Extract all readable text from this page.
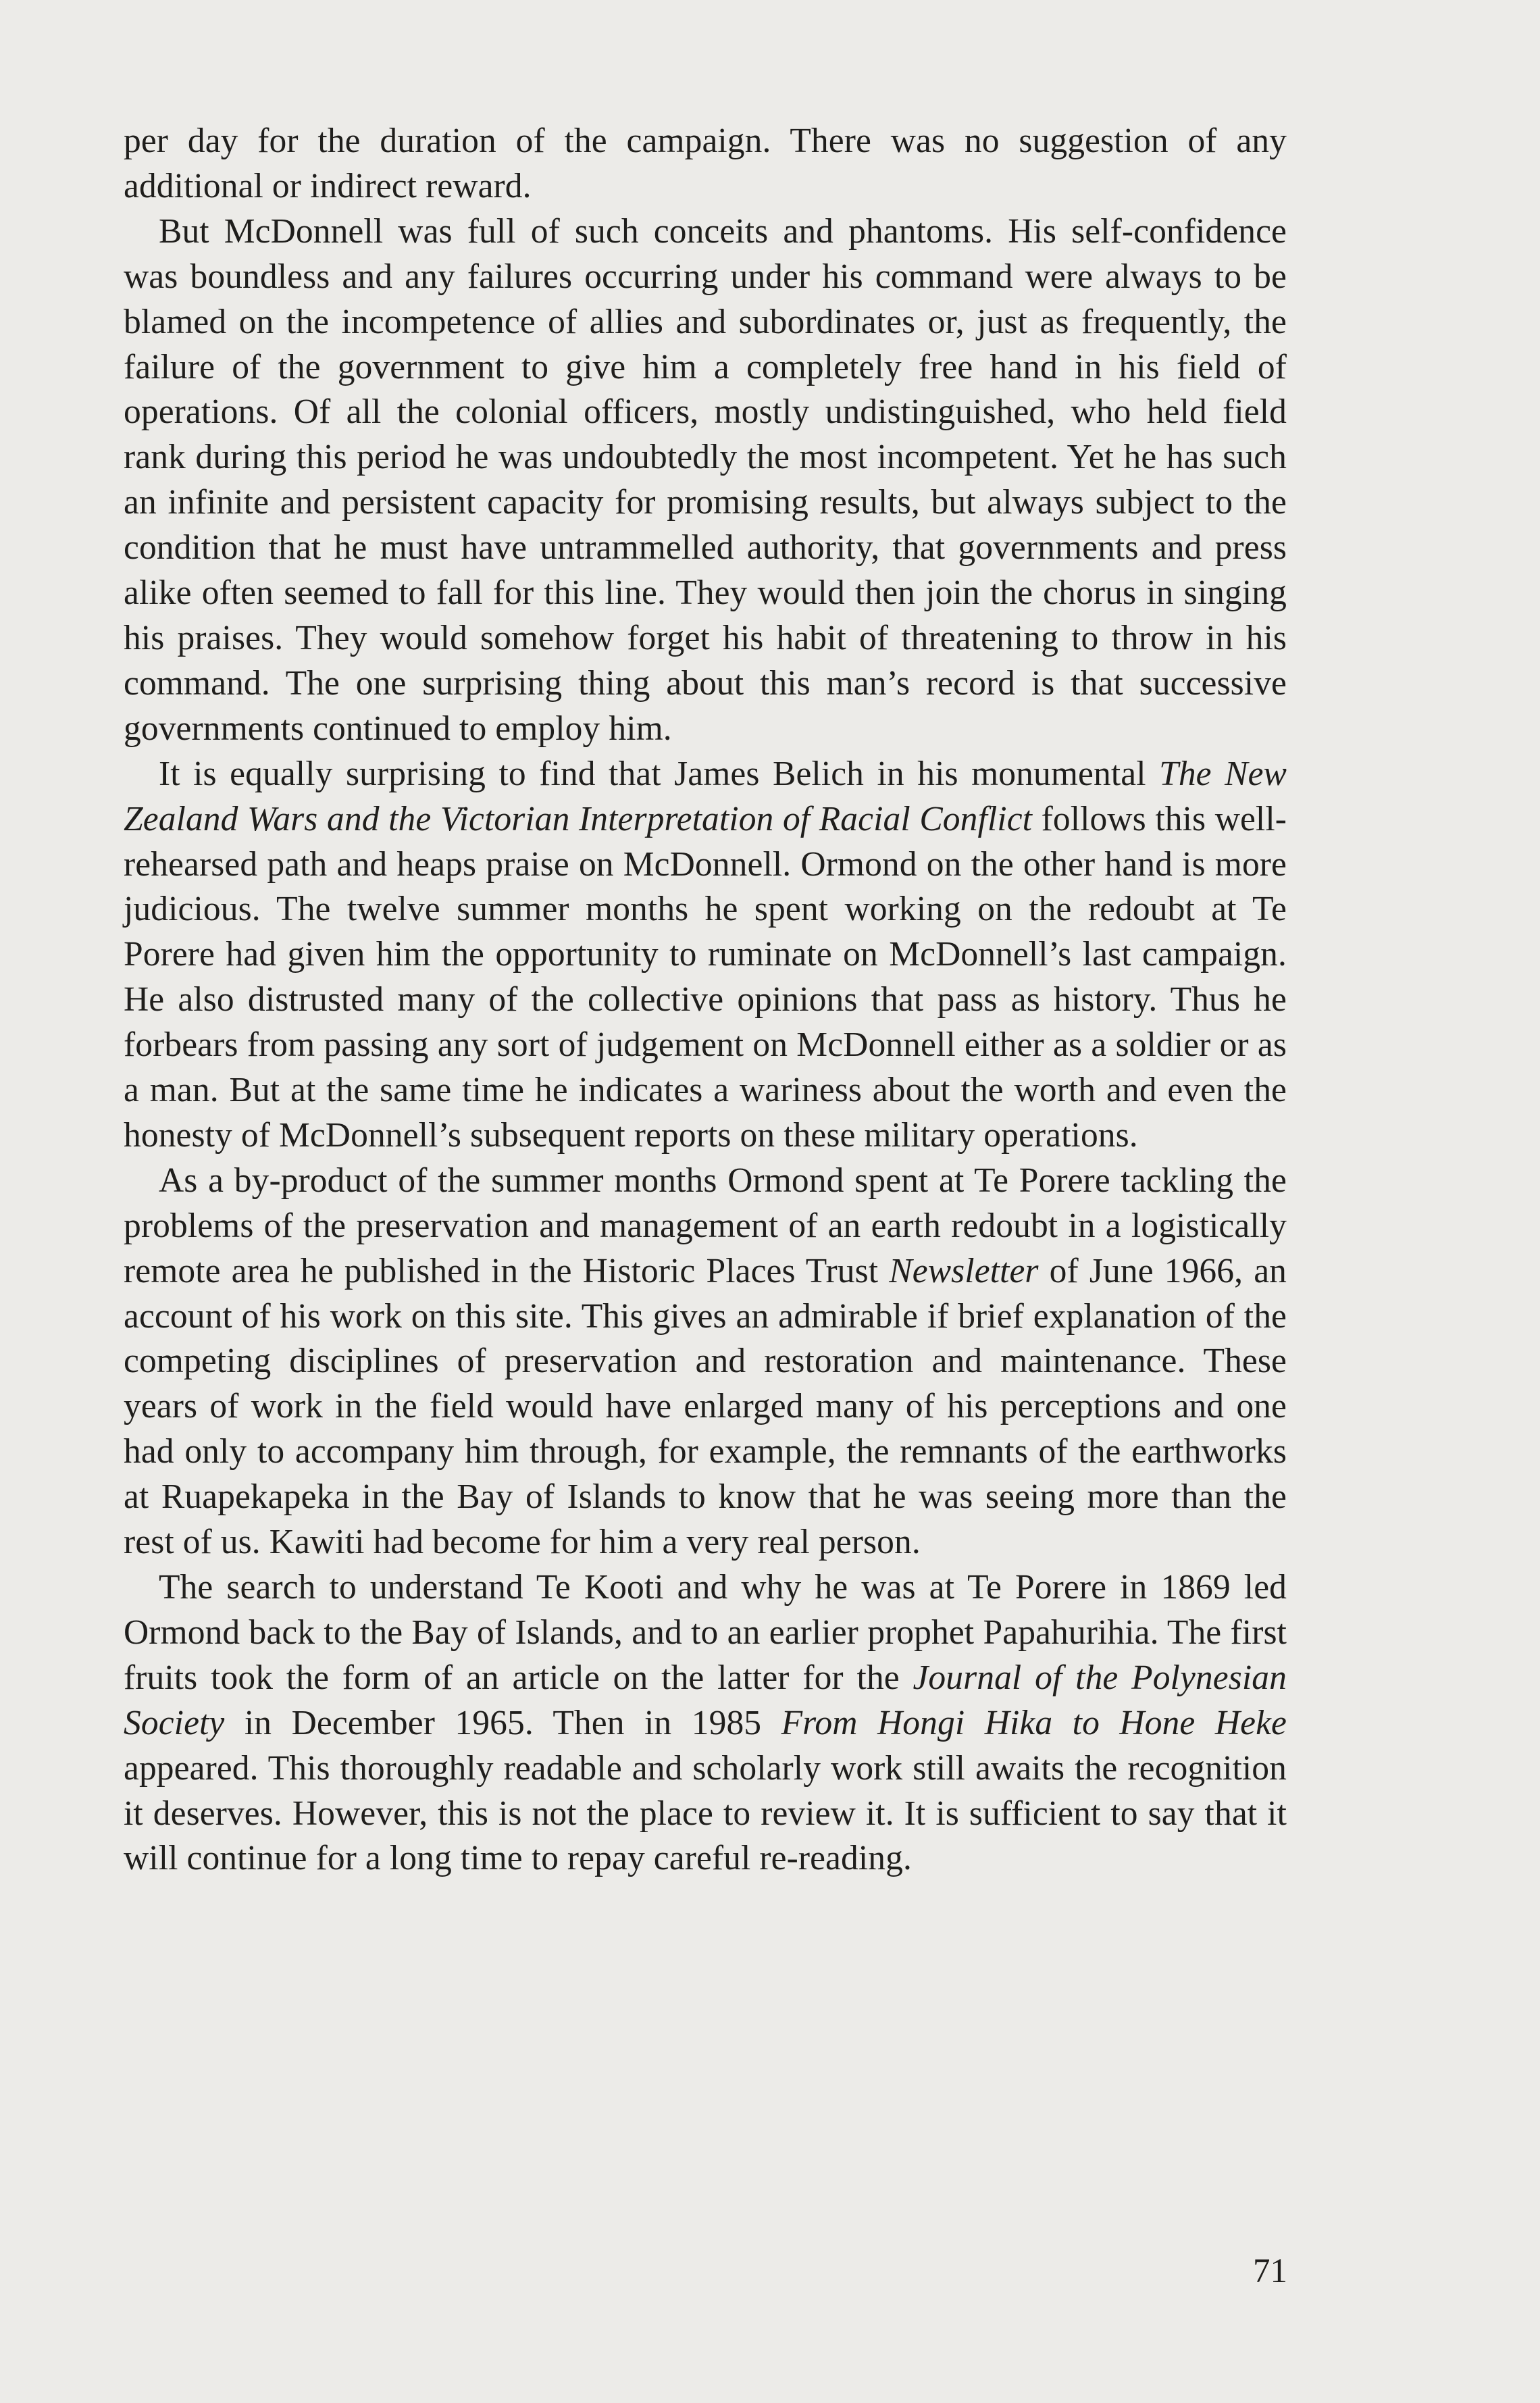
per day for the duration of the campaign. There was no suggestion of any additional or indirect reward.

But McDonnell was full of such conceits and phantoms. His self-confidence was boundless and any failures occurring under his command were always to be blamed on the incompetence of allies and subordinates or, just as frequently, the failure of the government to give him a completely free hand in his field of operations. Of all the colonial officers, mostly undistinguished, who held field rank during this period he was undoubtedly the most incompetent. Yet he has such an infinite and persistent capacity for promising results, but always subject to the condition that he must have untrammelled authority, that governments and press alike often seemed to fall for this line. They would then join the chorus in singing his praises. They would somehow forget his habit of threatening to throw in his command. The one surprising thing about this man’s record is that successive governments continued to employ him.

It is equally surprising to find that James Belich in his monumental The New Zealand Wars and the Victorian Interpretation of Racial Conflict follows this well-rehearsed path and heaps praise on McDonnell. Ormond on the other hand is more judicious. The twelve summer months he spent working on the redoubt at Te Porere had given him the opportunity to ruminate on McDonnell’s last campaign. He also distrusted many of the collective opinions that pass as history. Thus he forbears from passing any sort of judgement on McDonnell either as a soldier or as a man. But at the same time he indicates a wariness about the worth and even the honesty of McDonnell’s subsequent reports on these military operations.

As a by-product of the summer months Ormond spent at Te Porere tackling the problems of the preservation and management of an earth redoubt in a logistically remote area he published in the Historic Places Trust Newsletter of June 1966, an account of his work on this site. This gives an admirable if brief explanation of the competing disciplines of preservation and restoration and maintenance. These years of work in the field would have enlarged many of his perceptions and one had only to accompany him through, for example, the remnants of the earthworks at Ruapekapeka in the Bay of Islands to know that he was seeing more than the rest of us. Kawiti had become for him a very real person.

The search to understand Te Kooti and why he was at Te Porere in 1869 led Ormond back to the Bay of Islands, and to an earlier prophet Papahurihia. The first fruits took the form of an article on the latter for the Journal of the Polynesian Society in December 1965. Then in 1985 From Hongi Hika to Hone Heke appeared. This thoroughly readable and scholarly work still awaits the recognition it deserves. However, this is not the place to review it. It is sufficient to say that it will continue for a long time to repay careful re-reading.

71
